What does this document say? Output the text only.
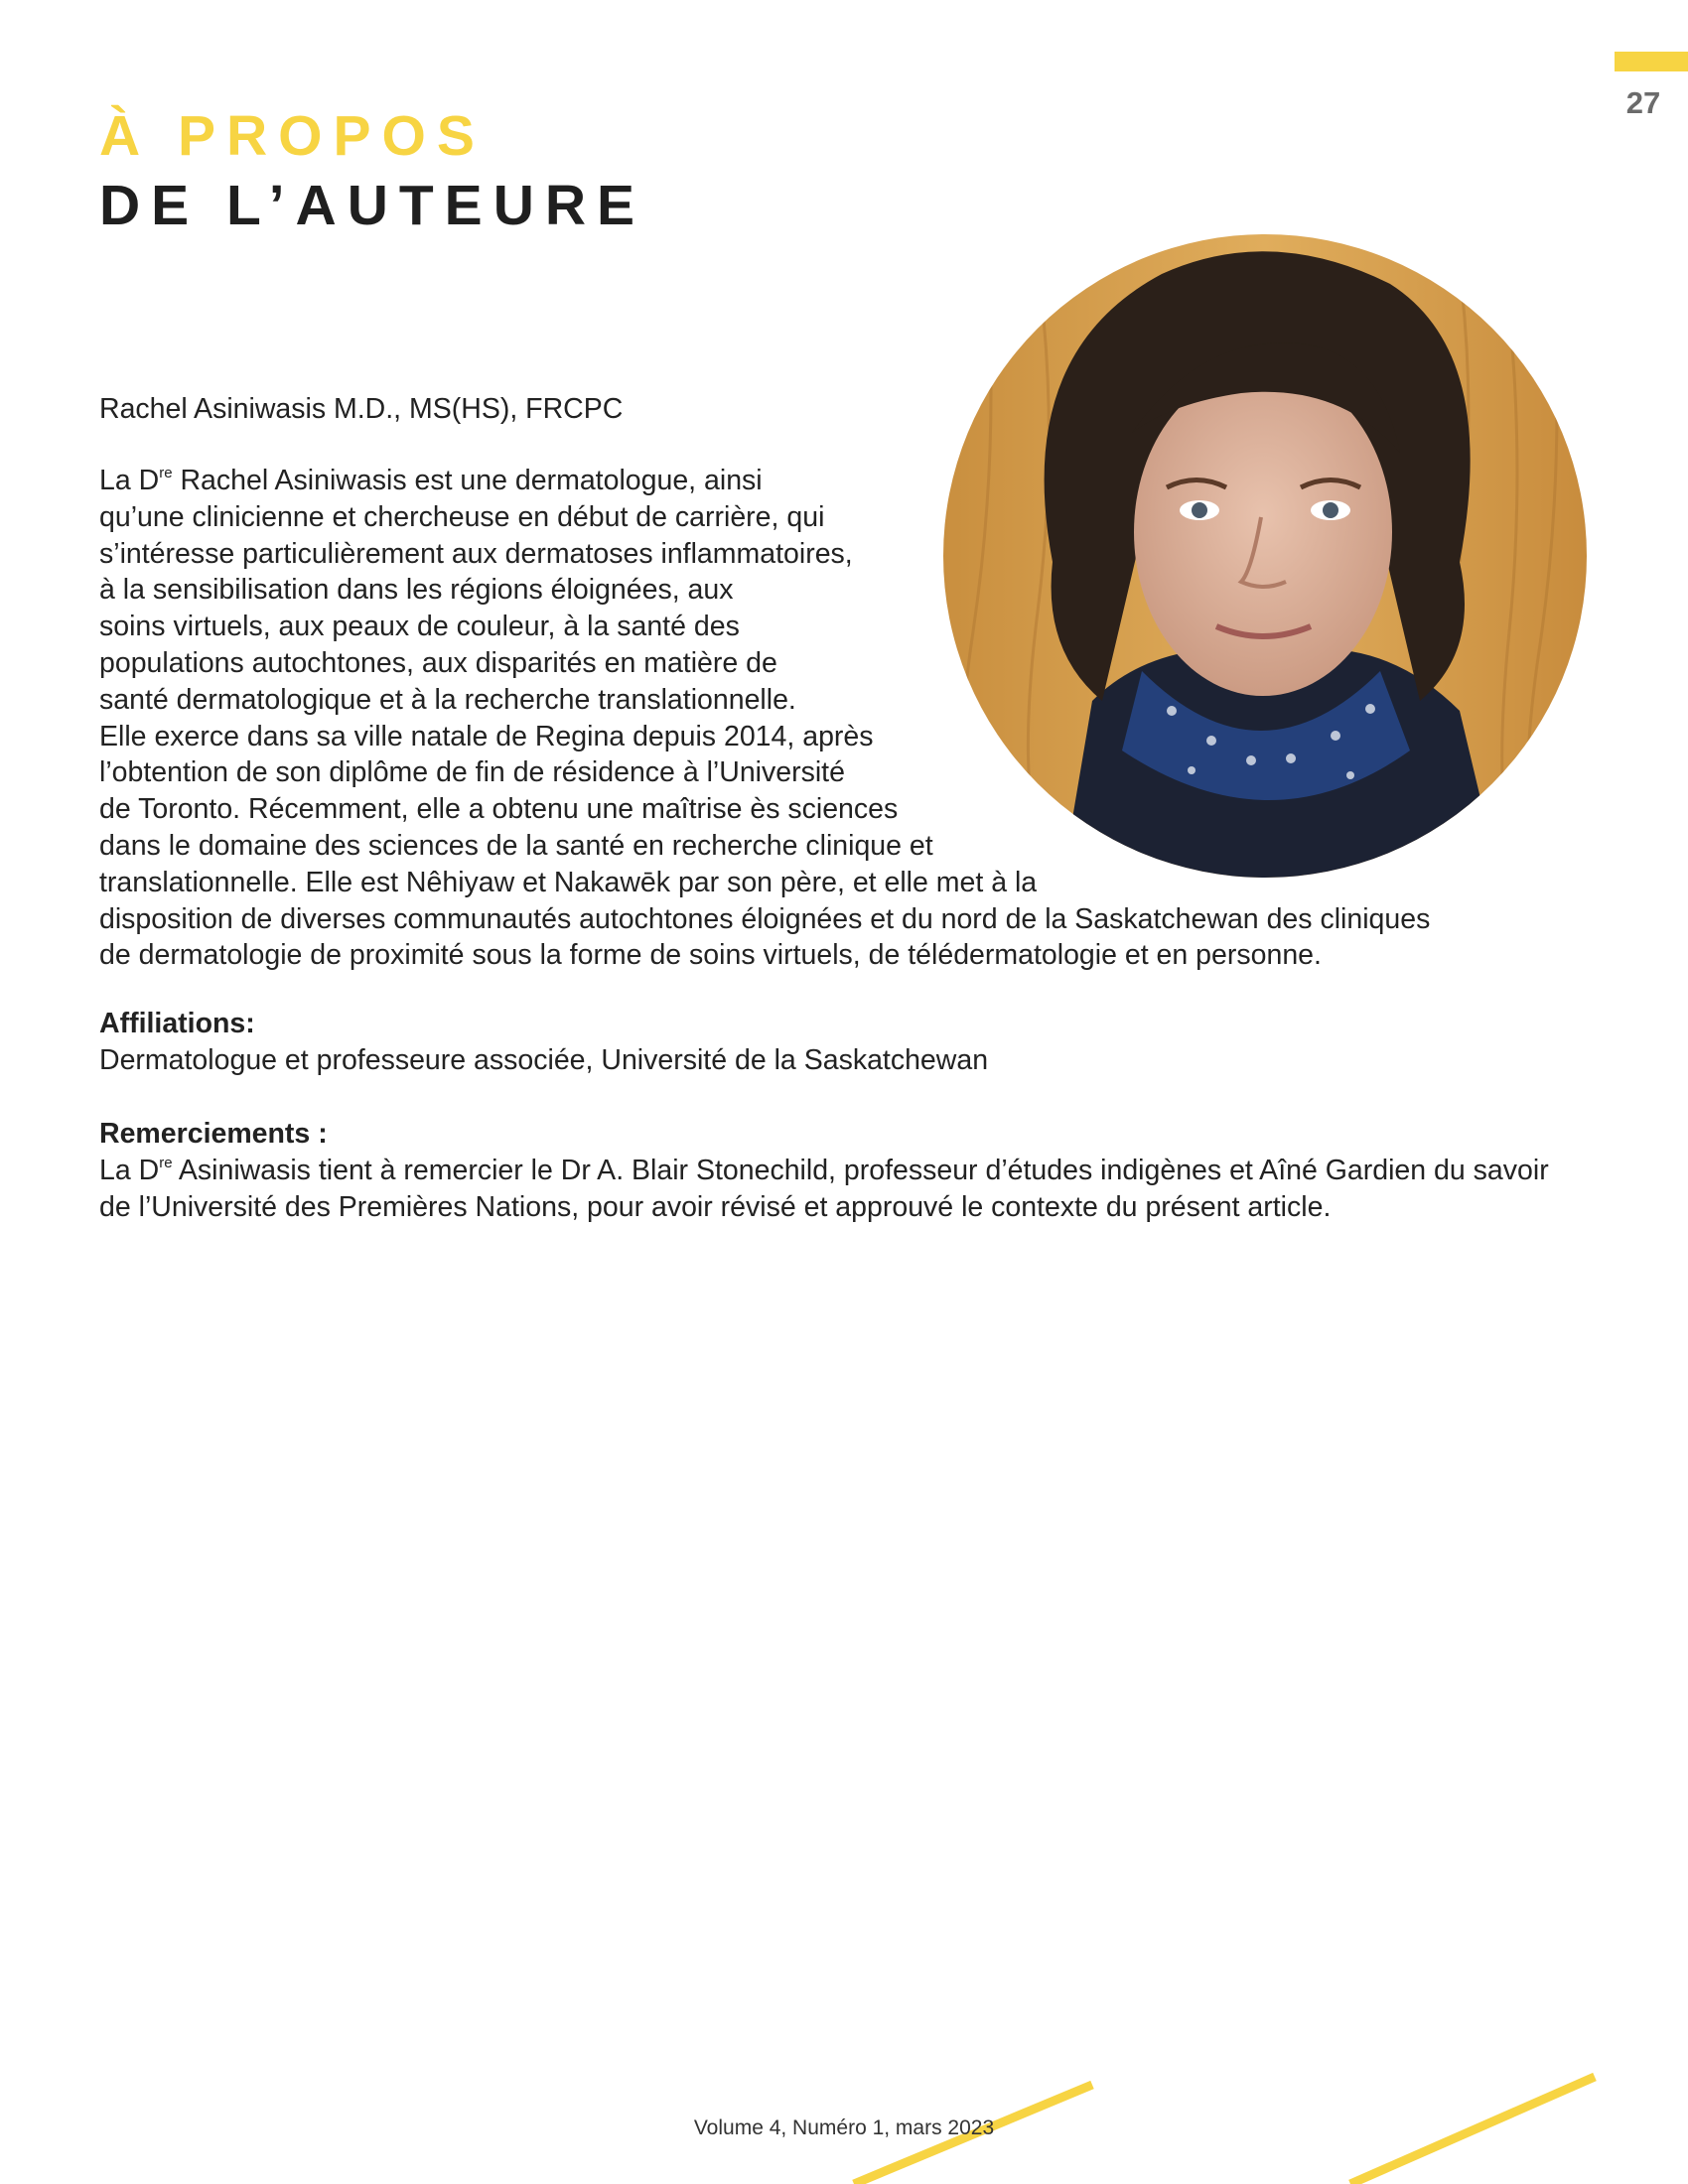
27
À PROPOS
DE L’AUTEURE
Rachel Asiniwasis M.D., MS(HS), FRCPC
La Dre Rachel Asiniwasis est une dermatologue, ainsi
qu’une clinicienne et chercheuse en début de carrière, qui
s’intéresse particulièrement aux dermatoses inflammatoires,
à la sensibilisation dans les régions éloignées, aux
soins virtuels, aux peaux de couleur, à la santé des
populations autochtones, aux disparités en matière de
santé dermatologique et à la recherche translationnelle.
Elle exerce dans sa ville natale de Regina depuis 2014, après
l’obtention de son diplôme de fin de résidence à l’Université
de Toronto. Récemment, elle a obtenu une maîtrise ès sciences
dans le domaine des sciences de la santé en recherche clinique et
translationnelle. Elle est Nêhiyaw et Nakawēk par son père, et elle met à la
disposition de diverses communautés autochtones éloignées et du nord de la Saskatchewan des cliniques
de dermatologie de proximité sous la forme de soins virtuels, de télédermatologie et en personne.
Affiliations:
Dermatologue et professeure associée, Université de la Saskatchewan
Remerciements :
La Dre Asiniwasis tient à remercier le Dr A. Blair Stonechild, professeur d’études indigènes et Aîné Gardien du savoir de l’Université des Premières Nations, pour avoir révisé et approuvé le contexte du présent article.
Volume 4, Numéro 1, mars 2023
